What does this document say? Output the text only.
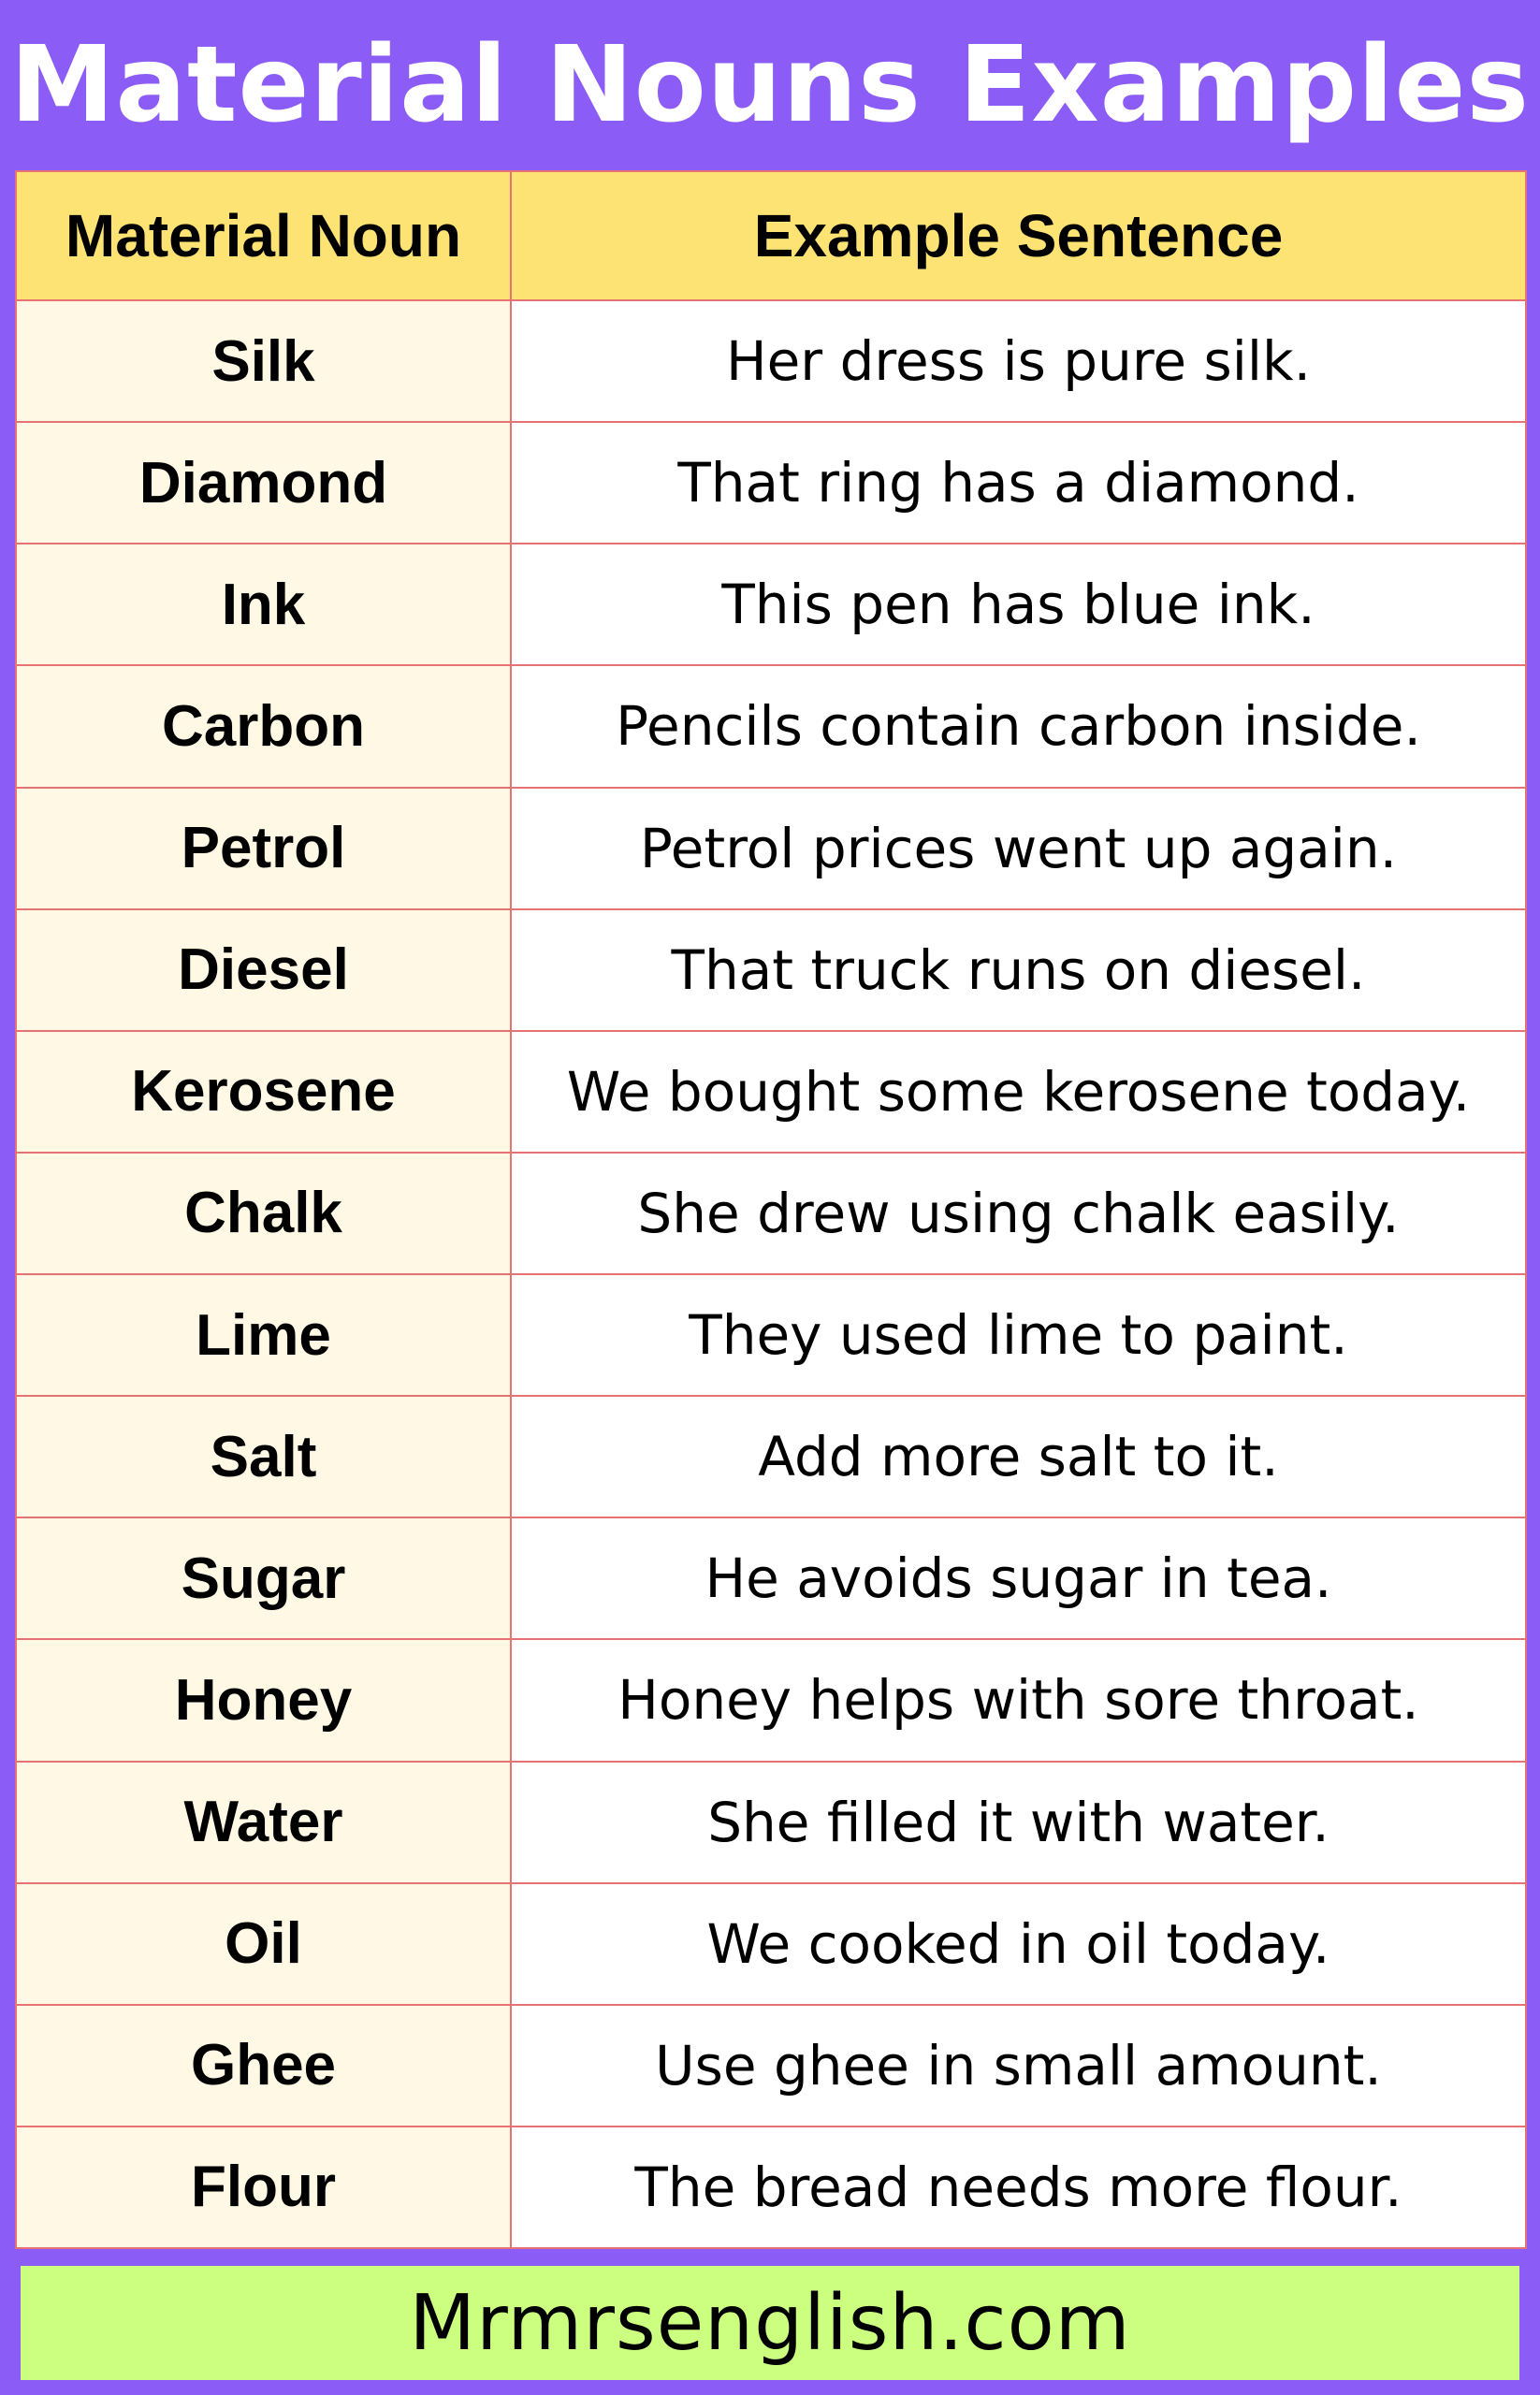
Material Nouns Examples
Material Noun	Example Sentence
Silk	Her dress is pure silk.
Diamond	That ring has a diamond.
Ink	This pen has blue ink.
Carbon	Pencils contain carbon inside.
Petrol	Petrol prices went up again.
Diesel	That truck runs on diesel.
Kerosene	We bought some kerosene today.
Chalk	She drew using chalk easily.
Lime	They used lime to paint.
Salt	Add more salt to it.
Sugar	He avoids sugar in tea.
Honey	Honey helps with sore throat.
Water	She filled it with water.
Oil	We cooked in oil today.
Ghee	Use ghee in small amount.
Flour	The bread needs more flour.
Mrmrsenglish.com
